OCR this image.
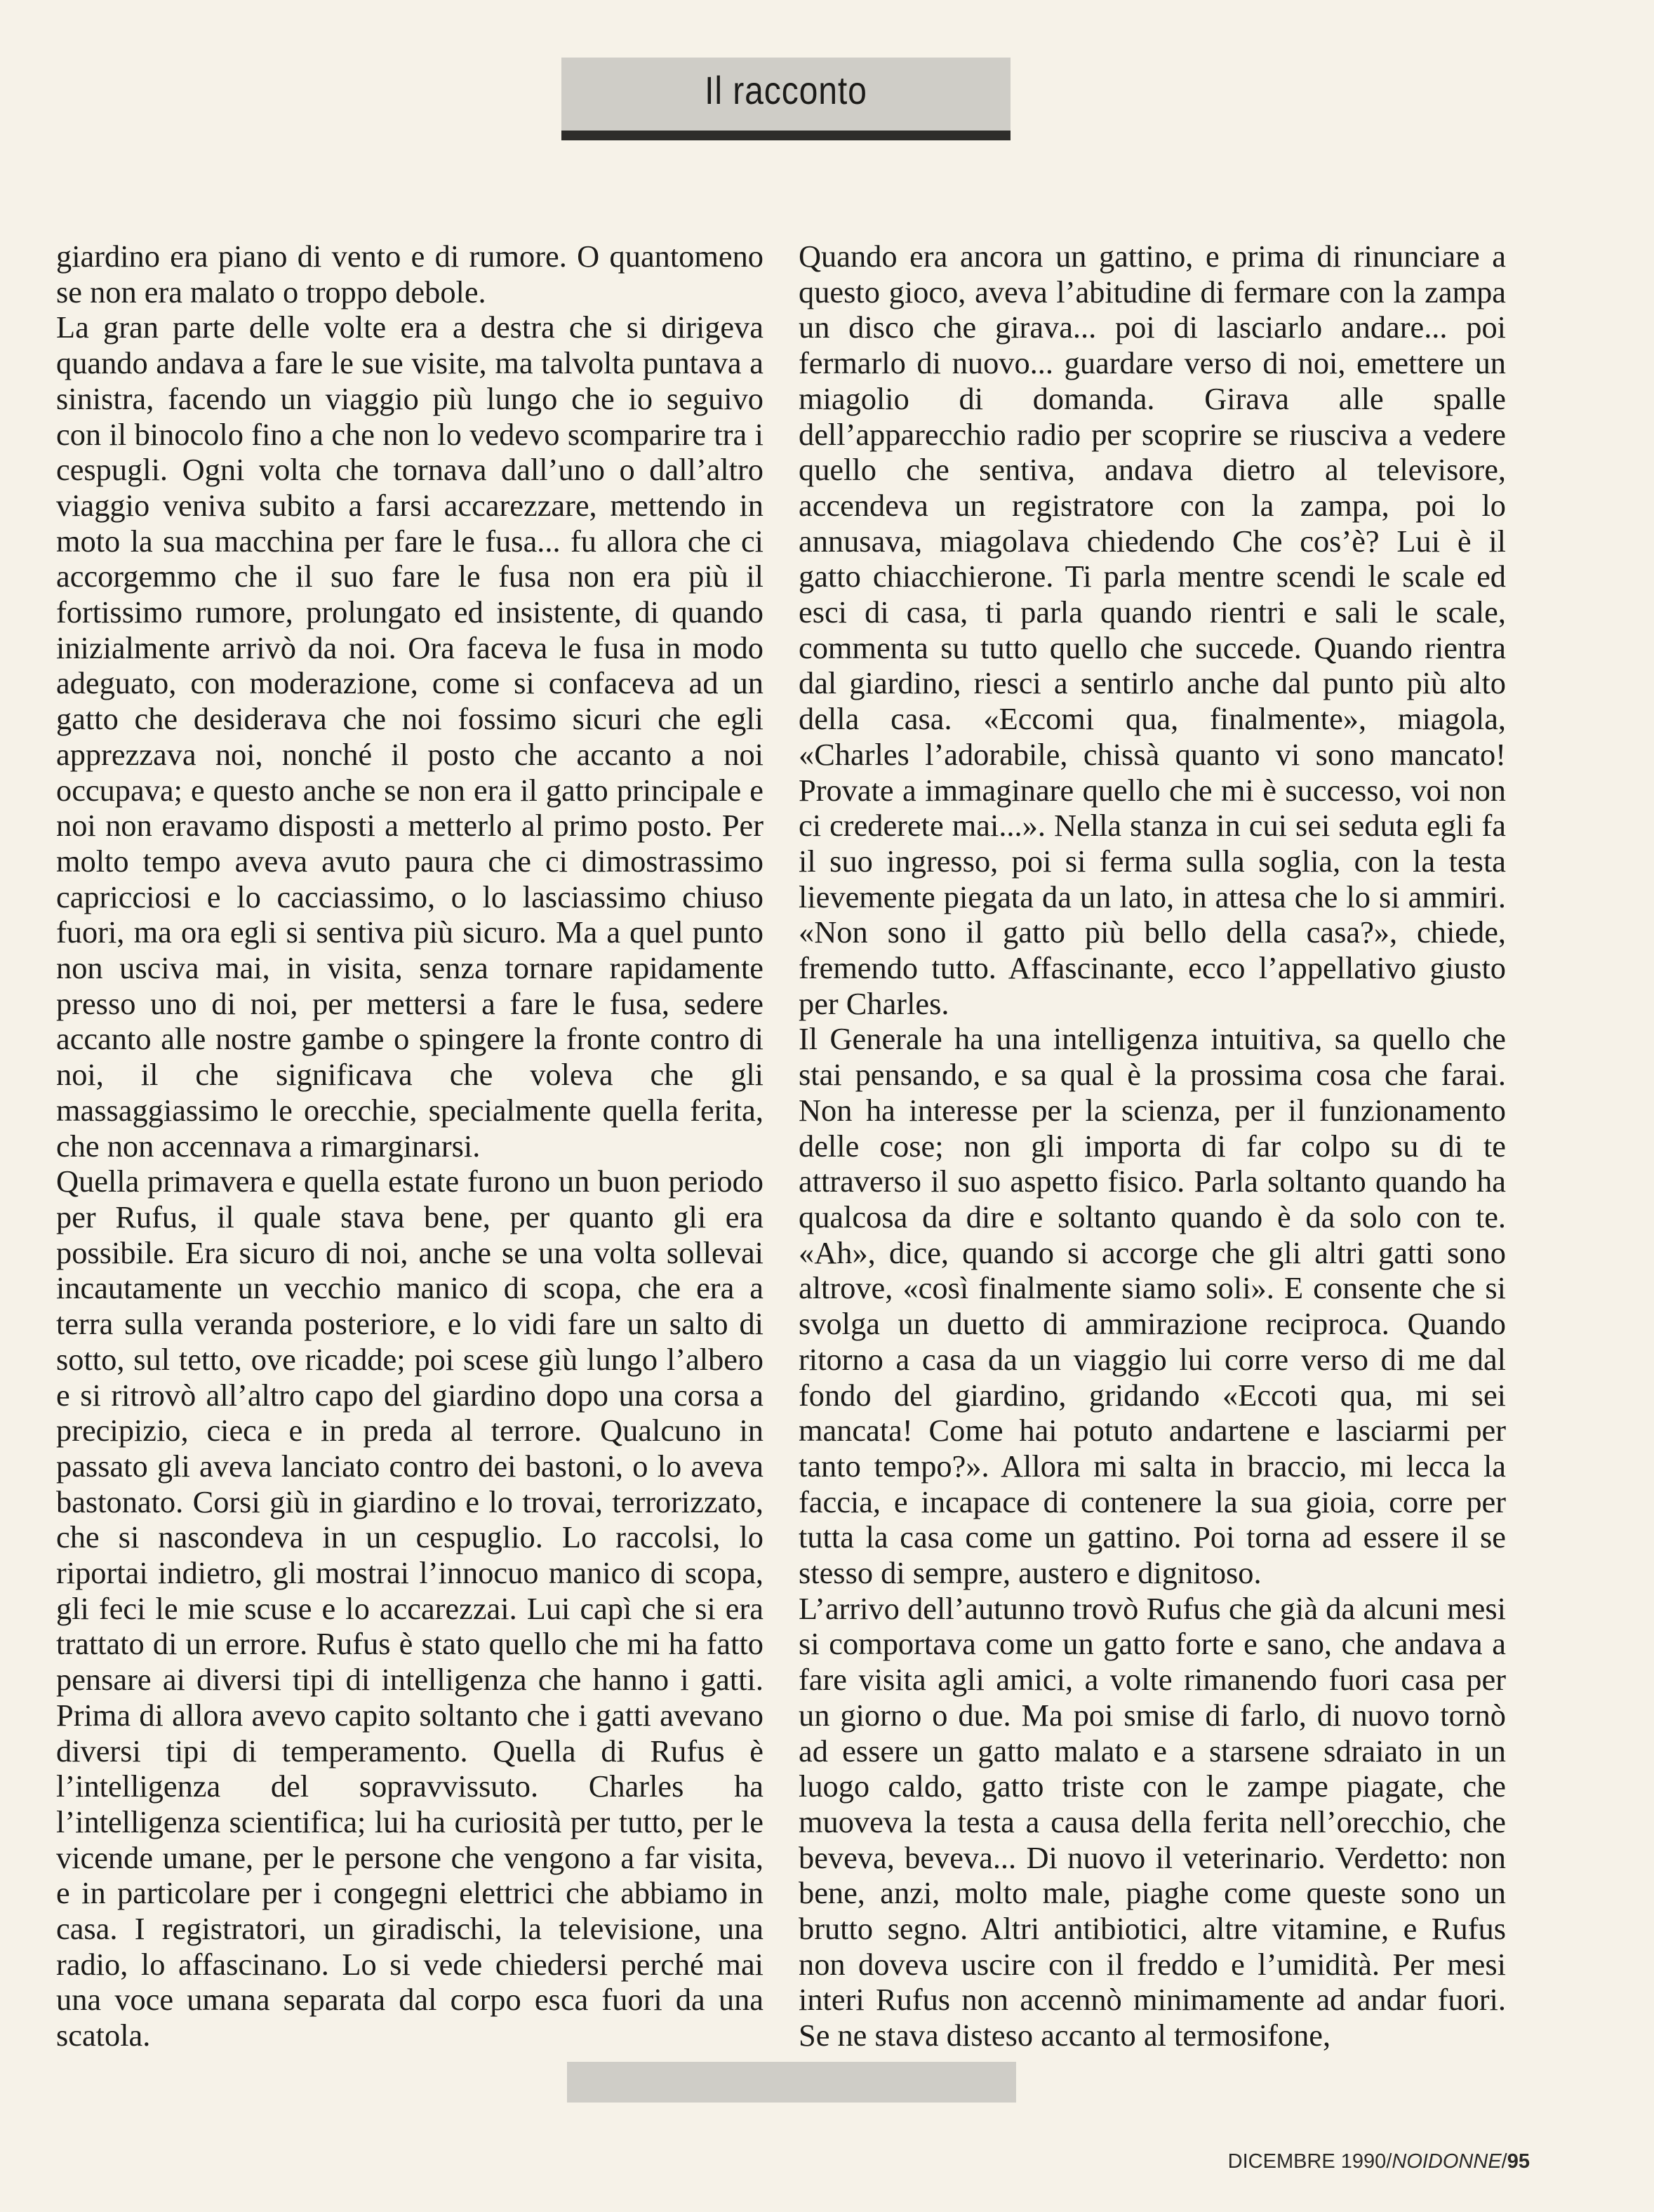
Il racconto

giardino era piano di vento e di rumore. O quantomeno se non era malato o troppo debole.

La gran parte delle volte era a destra che si dirigeva quando andava a fare le sue visite, ma talvolta puntava a sinistra, facendo un viaggio più lungo che io seguivo con il binocolo fino a che non lo vedevo scomparire tra i cespugli. Ogni volta che tornava dall’uno o dall’altro viaggio veniva subito a farsi accarezzare, mettendo in moto la sua macchina per fare le fusa... fu allora che ci accorgemmo che il suo fare le fusa non era più il fortissimo rumore, prolungato ed insistente, di quando inizialmente arrivò da noi. Ora faceva le fusa in modo adeguato, con moderazione, come si confaceva ad un gatto che desiderava che noi fossimo sicuri che egli apprezzava noi, nonché il posto che accanto a noi occupava; e questo anche se non era il gatto principale e noi non eravamo disposti a metterlo al primo posto. Per molto tempo aveva avuto paura che ci dimostrassimo capricciosi e lo cacciassimo, o lo lasciassimo chiuso fuori, ma ora egli si sentiva più sicuro. Ma a quel punto non usciva mai, in visita, senza tornare rapidamente presso uno di noi, per mettersi a fare le fusa, sedere accanto alle nostre gambe o spingere la fronte contro di noi, il che significava che voleva che gli massaggiassimo le orecchie, specialmente quella ferita, che non accennava a rimarginarsi.

Quella primavera e quella estate furono un buon periodo per Rufus, il quale stava bene, per quanto gli era possibile. Era sicuro di noi, anche se una volta sollevai incautamente un vecchio manico di scopa, che era a terra sulla veranda posteriore, e lo vidi fare un salto di sotto, sul tetto, ove ricadde; poi scese giù lungo l’albero e si ritrovò all’altro capo del giardino dopo una corsa a precipizio, cieca e in preda al terrore. Qualcuno in passato gli aveva lanciato contro dei bastoni, o lo aveva bastonato. Corsi giù in giardino e lo trovai, terrorizzato, che si nascondeva in un cespuglio. Lo raccolsi, lo riportai indietro, gli mostrai l’innocuo manico di scopa, gli feci le mie scuse e lo accarezzai. Lui capì che si era trattato di un errore. Rufus è stato quello che mi ha fatto pensare ai diversi tipi di intelligenza che hanno i gatti. Prima di allora avevo capito soltanto che i gatti avevano diversi tipi di temperamento. Quella di Rufus è l’intelligenza del sopravvissuto. Charles ha l’intelligenza scientifica; lui ha curiosità per tutto, per le vicende umane, per le persone che vengono a far visita, e in particolare per i congegni elettrici che abbiamo in casa. I registratori, un giradischi, la televisione, una radio, lo affascinano. Lo si vede chiedersi perché mai una voce umana separata dal corpo esca fuori da una scatola.

Quando era ancora un gattino, e prima di rinunciare a questo gioco, aveva l’abitudine di fermare con la zampa un disco che girava... poi di lasciarlo andare... poi fermarlo di nuovo... guardare verso di noi, emettere un miagolio di domanda. Girava alle spalle dell’apparecchio radio per scoprire se riusciva a vedere quello che sentiva, andava dietro al televisore, accendeva un registratore con la zampa, poi lo annusava, miagolava chiedendo Che cos’è? Lui è il gatto chiacchierone. Ti parla mentre scendi le scale ed esci di casa, ti parla quando rientri e sali le scale, commenta su tutto quello che succede. Quando rientra dal giardino, riesci a sentirlo anche dal punto più alto della casa. «Eccomi qua, finalmente», miagola, «Charles l’adorabile, chissà quanto vi sono mancato! Provate a immaginare quello che mi è successo, voi non ci crederete mai...». Nella stanza in cui sei seduta egli fa il suo ingresso, poi si ferma sulla soglia, con la testa lievemente piegata da un lato, in attesa che lo si ammiri. «Non sono il gatto più bello della casa?», chiede, fremendo tutto. Affascinante, ecco l’appellativo giusto per Charles.

Il Generale ha una intelligenza intuitiva, sa quello che stai pensando, e sa qual è la prossima cosa che farai. Non ha interesse per la scienza, per il funzionamento delle cose; non gli importa di far colpo su di te attraverso il suo aspetto fisico. Parla soltanto quando ha qualcosa da dire e soltanto quando è da solo con te. «Ah», dice, quando si accorge che gli altri gatti sono altrove, «così finalmente siamo soli». E consente che si svolga un duetto di ammirazione reciproca. Quando ritorno a casa da un viaggio lui corre verso di me dal fondo del giardino, gridando «Eccoti qua, mi sei mancata! Come hai potuto andartene e lasciarmi per tanto tempo?». Allora mi salta in braccio, mi lecca la faccia, e incapace di contenere la sua gioia, corre per tutta la casa come un gattino. Poi torna ad essere il se stesso di sempre, austero e dignitoso.

L’arrivo dell’autunno trovò Rufus che già da alcuni mesi si comportava come un gatto forte e sano, che andava a fare visita agli amici, a volte rimanendo fuori casa per un giorno o due. Ma poi smise di farlo, di nuovo tornò ad essere un gatto malato e a starsene sdraiato in un luogo caldo, gatto triste con le zampe piagate, che muoveva la testa a causa della ferita nell’orecchio, che beveva, beveva... Di nuovo il veterinario. Verdetto: non bene, anzi, molto male, piaghe come queste sono un brutto segno. Altri antibiotici, altre vitamine, e Rufus non doveva uscire con il freddo e l’umidità. Per mesi interi Rufus non accennò minimamente ad andar fuori. Se ne stava disteso accanto al termosifone,

DICEMBRE 1990/NOIDONNE/95
